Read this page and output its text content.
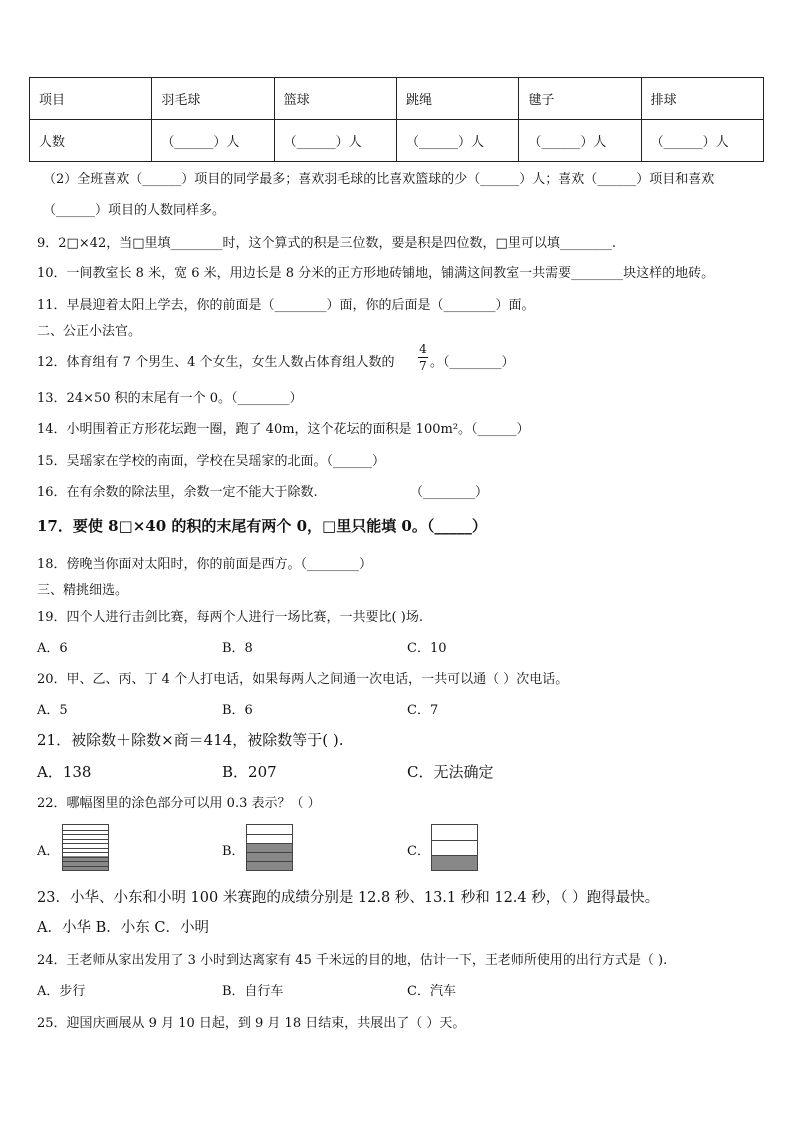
项目	羽毛球	篮球	跳绳	毽子	排球
人数	（______）人	（______）人	（______）人	（______）人	（______）人
（2）全班喜欢（______）项目的同学最多；喜欢羽毛球的比喜欢篮球的少（______）人；喜欢（______）项目和喜欢
（______）项目的人数同样多。
9．2□×42，当□里填________时，这个算式的积是三位数，要是积是四位数，□里可以填________.
10．一间教室长 8 米，宽 6 米，用边长是 8 分米的正方形地砖铺地，铺满这间教室一共需要________块这样的地砖。
11．早晨迎着太阳上学去，你的前面是（________）面，你的后面是（________）面。
二、公正小法官。
12．体育组有 7 个男生、4 个女生，女生人数占体育组人数的
4
7 。（________）
13．24×50 积的末尾有一个 0。（________）
14．小明围着正方形花坛跑一圈，跑了 40m，这个花坛的面积是 100m²。（______）
15．吴瑶家在学校的南面，学校在吴瑶家的北面。（______）
16．在有余数的除法里，余数一定不能大于除数.	（________）
17．要使 8□×40 的积的末尾有两个 0，□里只能填 0。（_____）
18．傍晚当你面对太阳时，你的前面是西方。（________）
三、精挑细选。
19．四个人进行击剑比赛，每两个人进行一场比赛，一共要比( )场.
A．6	B．8	C．10
20．甲、乙、丙、丁 4 个人打电话，如果每两人之间通一次电话，一共可以通（ ）次电话。
A．5	B．6	C．7
21．被除数＋除数×商＝414，被除数等于( ).
A．138	B．207	C．无法确定
22．哪幅图里的涂色部分可以用 0.3 表示？（ ）
A．	B．	C．
23．小华、小东和小明 100 米赛跑的成绩分别是 12.8 秒、13.1 秒和 12.4 秒，（ ）跑得最快。
A．小华 B．小东 C．小明
24．王老师从家出发用了 3 小时到达离家有 45 千米远的目的地，估计一下，王老师所使用的出行方式是（ ).
A．步行	B．自行车	C．汽车
25．迎国庆画展从 9 月 10 日起，到 9 月 18 日结束，共展出了（ ）天。
